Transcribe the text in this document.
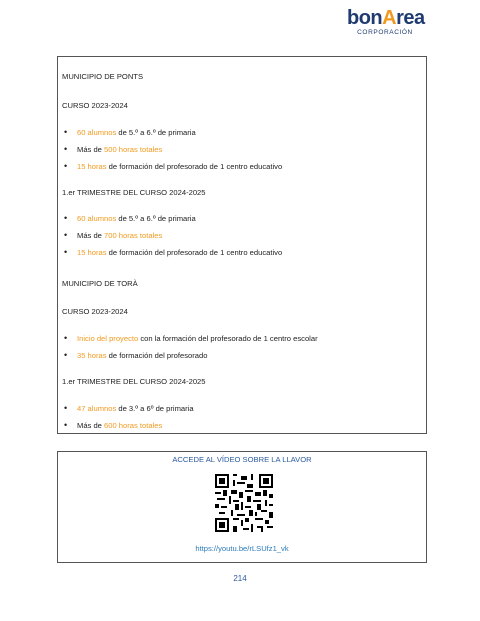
bonArea
CORPORACIÓN
MUNICIPIO DE PONTS
CURSO 2023-2024
• 60 alumnos de 5.º a 6.º de primaria
• Más de 500 horas totales
• 15 horas de formación del profesorado de 1 centro educativo
1.er TRIMESTRE DEL CURSO 2024-2025
• 60 alumnos de 5.º a 6.º de primaria
• Más de 700 horas totales
• 15 horas de formación del profesorado de 1 centro educativo
MUNICIPIO DE TORÀ
CURSO 2023-2024
• Inicio del proyecto con la formación del profesorado de 1 centro escolar
• 35 horas de formación del profesorado
1.er TRIMESTRE DEL CURSO 2024-2025
• 47 alumnos de 3.º a 6º de primaria
• Más de 600 horas totales
ACCEDE AL VÍDEO SOBRE LA LLAVOR
https://youtu.be/rLSUfz1_vk
214
